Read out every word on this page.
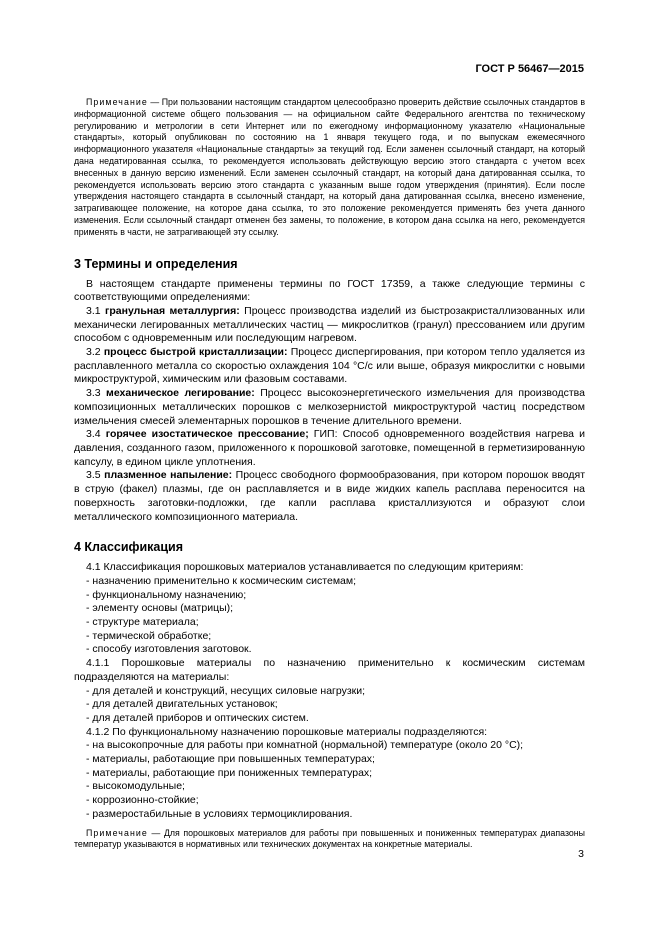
ГОСТ Р 56467—2015

Примечание — При пользовании настоящим стандартом целесообразно проверить действие ссылочных стандартов в информационной системе общего пользования — на официальном сайте Федерального агентства по техническому регулированию и метрологии в сети Интернет или по ежегодному информационному указателю «Национальные стандарты», который опубликован по состоянию на 1 января текущего года, и по выпускам ежемесячного информационного указателя «Национальные стандарты» за текущий год. Если заменен ссылочный стандарт, на который дана недатированная ссылка, то рекомендуется использовать действующую версию этого стандарта с учетом всех внесенных в данную версию изменений. Если заменен ссылочный стандарт, на который дана датированная ссылка, то рекомендуется использовать версию этого стандарта с указанным выше годом утверждения (принятия). Если после утверждения настоящего стандарта в ссылочный стандарт, на который дана датированная ссылка, внесено изменение, затрагивающее положение, на которое дана ссылка, то это положение рекомендуется применять без учета данного изменения. Если ссылочный стандарт отменен без замены, то положение, в котором дана ссылка на него, рекомендуется применять в части, не затрагивающей эту ссылку.

3 Термины и определения

В настоящем стандарте применены термины по ГОСТ 17359, а также следующие термины с соответствующими определениями:

3.1 гранульная металлургия: Процесс производства изделий из быстрозакристаллизованных или механически легированных металлических частиц — микрослитков (гранул) прессованием или другим способом с одновременным или последующим нагревом.

3.2 процесс быстрой кристаллизации: Процесс диспергирования, при котором тепло удаляется из расплавленного металла со скоростью охлаждения 104 °С/с или выше, образуя микрослитки с новыми микроструктурой, химическим или фазовым составами.

3.3 механическое легирование: Процесс высокоэнергетического измельчения для производства композиционных металлических порошков с мелкозернистой микроструктурой частиц посредством измельчения смесей элементарных порошков в течение длительного времени.

3.4 горячее изостатическое прессование; ГИП: Способ одновременного воздействия нагрева и давления, созданного газом, приложенного к порошковой заготовке, помещенной в герметизированную капсулу, в едином цикле уплотнения.

3.5 плазменное напыление: Процесс свободного формообразования, при котором порошок вводят в струю (факел) плазмы, где он расплавляется и в виде жидких капель расплава переносится на поверхность заготовки-подложки, где капли расплава кристаллизуются и образуют слои металлического композиционного материала.

4 Классификация

4.1 Классификация порошковых материалов устанавливается по следующим критериям:

- назначению применительно к космическим системам;
- функциональному назначению;
- элементу основы (матрицы);
- структуре материала;
- термической обработке;
- способу изготовления заготовок.

4.1.1 Порошковые материалы по назначению применительно к космическим системам подразделяются на материалы:

- для деталей и конструкций, несущих силовые нагрузки;
- для деталей двигательных установок;
- для деталей приборов и оптических систем.

4.1.2 По функциональному назначению порошковые материалы подразделяются:

- на высокопрочные для работы при комнатной (нормальной) температуре (около 20 °С);
- материалы, работающие при повышенных температурах;
- материалы, работающие при пониженных температурах;
- высокомодульные;
- коррозионно-стойкие;
- размеростабильные в условиях термоциклирования.

Примечание — Для порошковых материалов для работы при повышенных и пониженных температурах диапазоны температур указываются в нормативных или технических документах на конкретные материалы.

3
